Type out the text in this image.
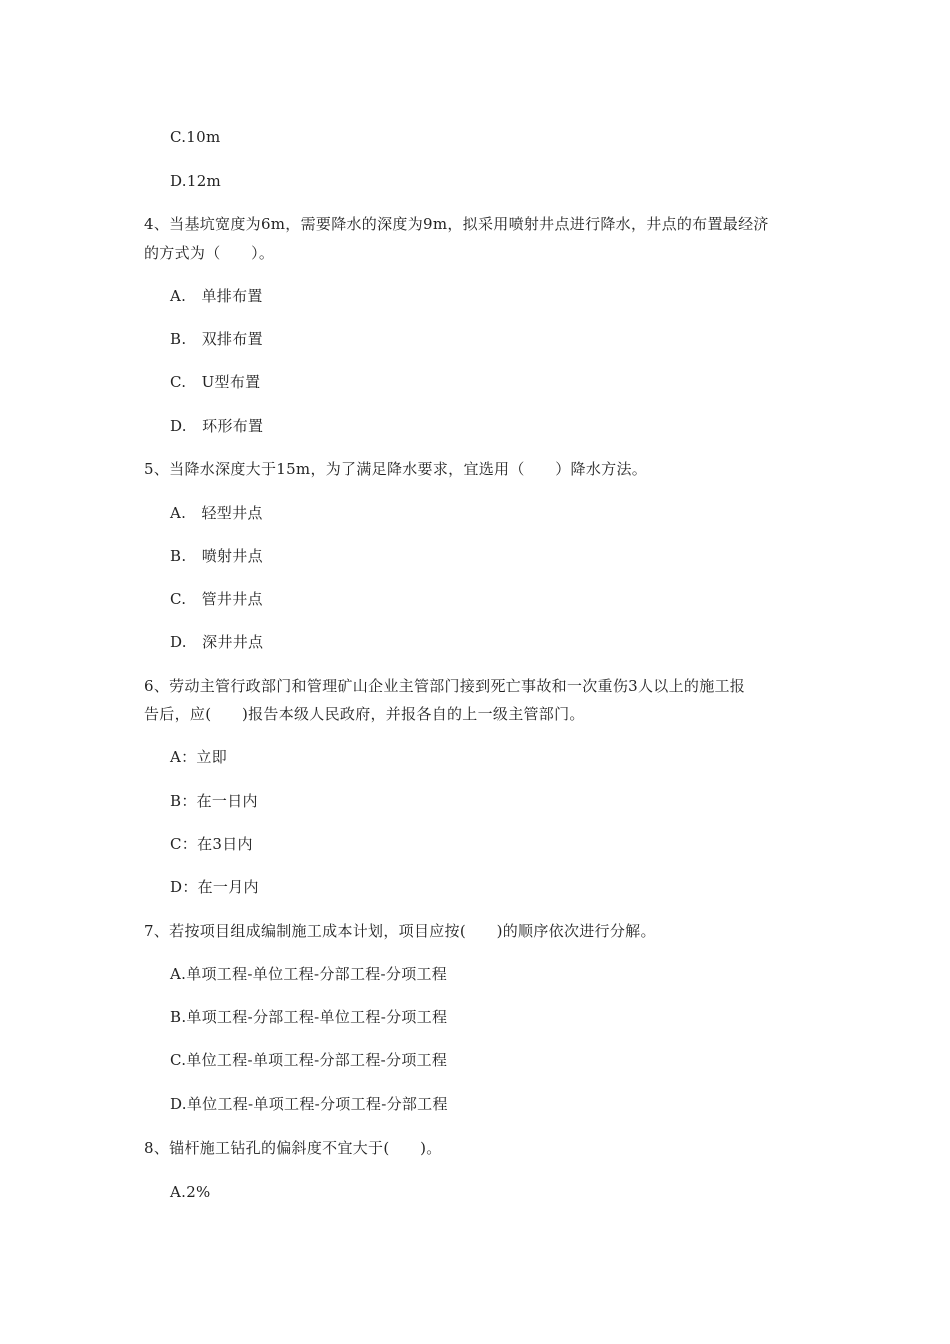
C.10m
D.12m
4、当基坑宽度为6m，需要降水的深度为9m，拟采用喷射井点进行降水，井点的布置最经济
的方式为（　　）。
A.　单排布置
B.　双排布置
C.　U型布置
D.　环形布置
5、当降水深度大于15m，为了满足降水要求，宜选用（　　）降水方法。
A.　轻型井点
B.　喷射井点
C.　管井井点
D.　深井井点
6、劳动主管行政部门和管理矿山企业主管部门接到死亡事故和一次重伤3人以上的施工报
告后，应(　　)报告本级人民政府，并报各自的上一级主管部门。
A：立即
B：在一日内
C：在3日内
D：在一月内
7、若按项目组成编制施工成本计划，项目应按(　　)的顺序依次进行分解。
A.单项工程-单位工程-分部工程-分项工程
B.单项工程-分部工程-单位工程-分项工程
C.单位工程-单项工程-分部工程-分项工程
D.单位工程-单项工程-分项工程-分部工程
8、锚杆施工钻孔的偏斜度不宜大于(　　)。
A.2%
